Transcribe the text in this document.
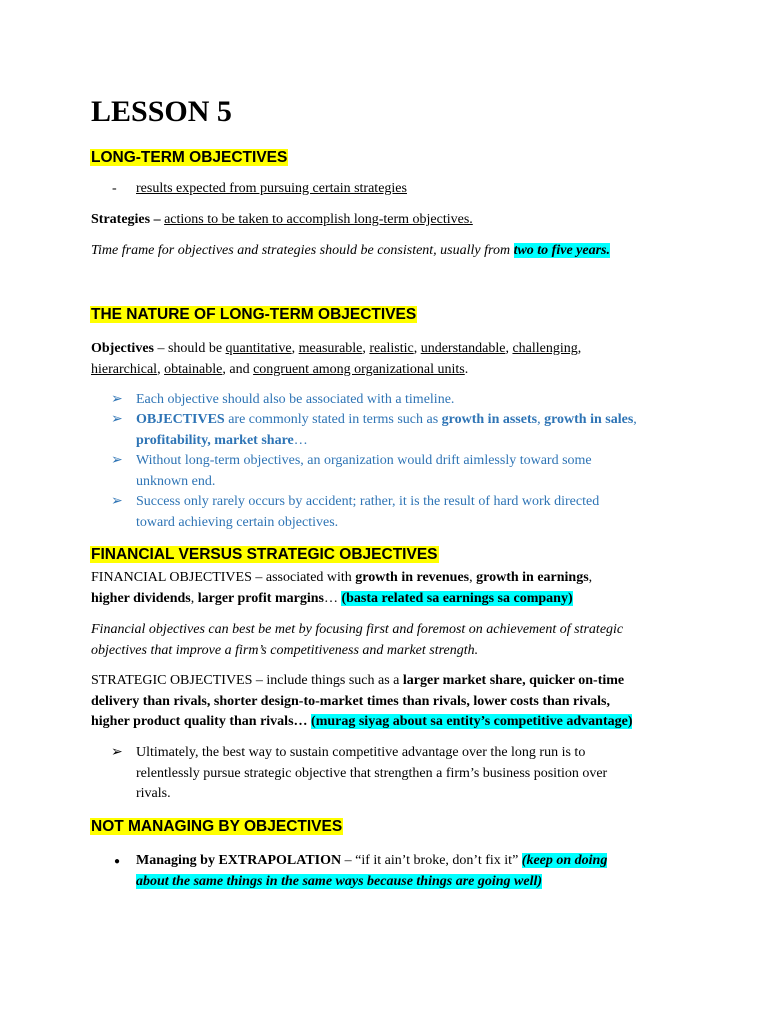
LESSON 5
LONG-TERM OBJECTIVES
- results expected from pursuing certain strategies
Strategies – actions to be taken to accomplish long-term objectives.
Time frame for objectives and strategies should be consistent, usually from two to five years.
THE NATURE OF LONG-TERM OBJECTIVES
Objectives – should be quantitative, measurable, realistic, understandable, challenging,
hierarchical, obtainable, and congruent among organizational units.
➢ Each objective should also be associated with a timeline.
➢ OBJECTIVES are commonly stated in terms such as growth in assets, growth in sales,
profitability, market share…
➢ Without long-term objectives, an organization would drift aimlessly toward some
unknown end.
➢ Success only rarely occurs by accident; rather, it is the result of hard work directed
toward achieving certain objectives.
FINANCIAL VERSUS STRATEGIC OBJECTIVES
FINANCIAL OBJECTIVES – associated with growth in revenues, growth in earnings,
higher dividends, larger profit margins… (basta related sa earnings sa company)
Financial objectives can best be met by focusing first and foremost on achievement of strategic
objectives that improve a firm’s competitiveness and market strength.
STRATEGIC OBJECTIVES – include things such as a larger market share, quicker on-time
delivery than rivals, shorter design-to-market times than rivals, lower costs than rivals,
higher product quality than rivals… (murag siyag about sa entity’s competitive advantage)
➢ Ultimately, the best way to sustain competitive advantage over the long run is to
relentlessly pursue strategic objective that strengthen a firm’s business position over
rivals.
NOT MANAGING BY OBJECTIVES
● Managing by EXTRAPOLATION – “if it ain’t broke, don’t fix it” (keep on doing
about the same things in the same ways because things are going well)
